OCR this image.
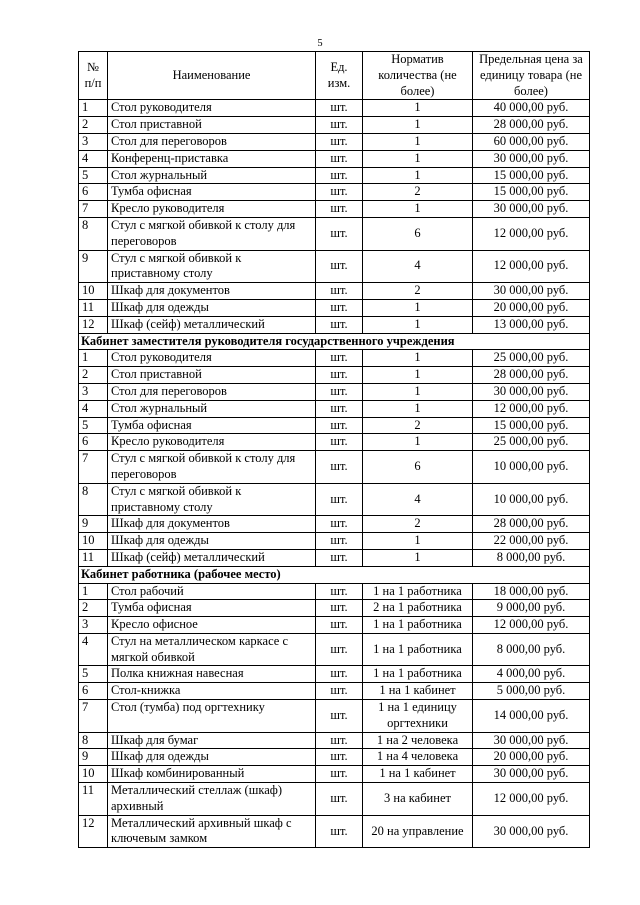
5
№ п/п	Наименование	Ед. изм.	Норматив количества (не более)	Предельная цена за единицу товара (не более)
1	Стол руководителя	шт.	1	40 000,00 руб.
2	Стол приставной	шт.	1	28 000,00 руб.
3	Стол для переговоров	шт.	1	60 000,00 руб.
4	Конференц-приставка	шт.	1	30 000,00 руб.
5	Стол журнальный	шт.	1	15 000,00 руб.
6	Тумба офисная	шт.	2	15 000,00 руб.
7	Кресло руководителя	шт.	1	30 000,00 руб.
8	Стул с мягкой обивкой к столу для переговоров	шт.	6	12 000,00 руб.
9	Стул с мягкой обивкой к приставному столу	шт.	4	12 000,00 руб.
10	Шкаф для документов	шт.	2	30 000,00 руб.
11	Шкаф для одежды	шт.	1	20 000,00 руб.
12	Шкаф (сейф) металлический	шт.	1	13 000,00 руб.
Кабинет заместителя руководителя государственного учреждения				
1	Стол руководителя	шт.	1	25 000,00 руб.
2	Стол приставной	шт.	1	28 000,00 руб.
3	Стол для переговоров	шт.	1	30 000,00 руб.
4	Стол журнальный	шт.	1	12 000,00 руб.
5	Тумба офисная	шт.	2	15 000,00 руб.
6	Кресло руководителя	шт.	1	25 000,00 руб.
7	Стул с мягкой обивкой к столу для переговоров	шт.	6	10 000,00 руб.
8	Стул с мягкой обивкой к приставному столу	шт.	4	10 000,00 руб.
9	Шкаф для документов	шт.	2	28 000,00 руб.
10	Шкаф для одежды	шт.	1	22 000,00 руб.
11	Шкаф (сейф) металлический	шт.	1	8 000,00 руб.
Кабинет работника (рабочее место)				
1	Стол рабочий	шт.	1 на 1 работника	18 000,00 руб.
2	Тумба офисная	шт.	2 на 1 работника	9 000,00 руб.
3	Кресло офисное	шт.	1 на 1 работника	12 000,00 руб.
4	Стул на металлическом каркасе с мягкой обивкой	шт.	1 на 1 работника	8 000,00 руб.
5	Полка книжная навесная	шт.	1 на 1 работника	4 000,00 руб.
6	Стол-книжка	шт.	1 на 1 кабинет	5 000,00 руб.
7	Стол (тумба) под оргтехнику	шт.	1 на 1 единицу оргтехники	14 000,00 руб.
8	Шкаф для бумаг	шт.	1 на 2 человека	30 000,00 руб.
9	Шкаф для одежды	шт.	1 на 4 человека	20 000,00 руб.
10	Шкаф комбинированный	шт.	1 на 1 кабинет	30 000,00 руб.
11	Металлический стеллаж (шкаф) архивный	шт.	3 на кабинет	12 000,00 руб.
12	Металлический архивный шкаф с ключевым замком	шт.	20 на управление	30 000,00 руб.
